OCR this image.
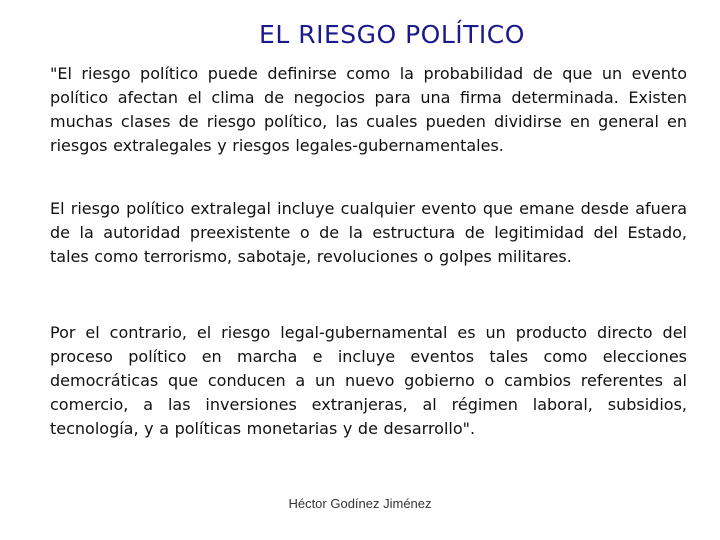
EL RIESGO POLÍTICO

"El riesgo político puede definirse como la probabilidad de que un evento político afectan el clima de negocios para una firma determinada. Existen muchas clases de riesgo político, las cuales pueden dividirse en general en riesgos extralegales y riesgos legales-gubernamentales.

El riesgo político extralegal incluye cualquier evento que emane desde afuera de la autoridad preexistente o de la estructura de legitimidad del Estado, tales como terrorismo, sabotaje, revoluciones o golpes militares.

Por el contrario, el riesgo legal-gubernamental es un producto directo del proceso político en marcha e incluye eventos tales como elecciones democráticas que conducen a un nuevo gobierno o cambios referentes al comercio, a las inversiones extranjeras, al régimen laboral, subsidios, tecnología, y a políticas monetarias y de desarrollo".

Héctor Godínez Jiménez
